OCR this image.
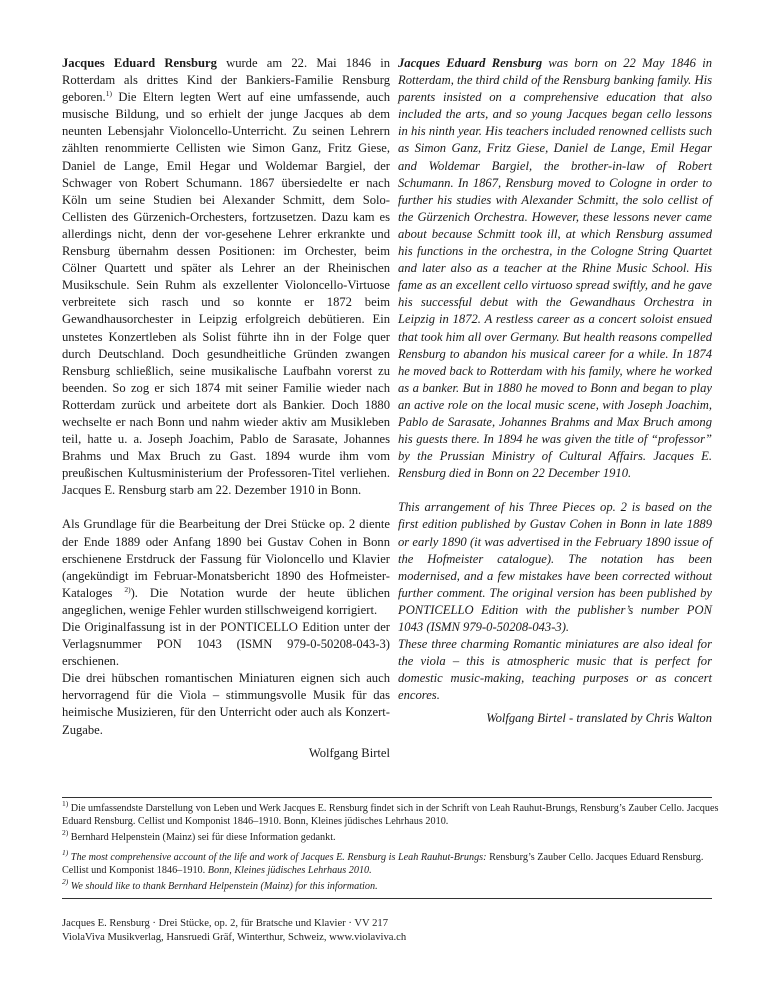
Jacques Eduard Rensburg wurde am 22. Mai 1846 in Rotterdam als drittes Kind der Bankiers-Familie Rensburg geboren.$^{1)}$ Die Eltern legten Wert auf eine umfassende, auch musische Bildung, und so erhielt der junge Jacques ab dem neunten Lebensjahr Violoncello-Unterricht. Zu seinen Lehrern zählten renommierte Cellisten wie Simon Ganz, Fritz Giese, Daniel de Lange, Emil Hegar und Woldemar Bargiel, der Schwager von Robert Schumann. 1867 übersiedelte er nach Köln um seine Studien bei Alexander Schmitt, dem Solo-Cellisten des Gürzenich-Orchesters, fortzusetzen. Dazu kam es allerdings nicht, denn der vor-gesehene Lehrer erkrankte und Rensburg übernahm dessen Positionen: im Orchester, beim Cölner Quartett und später als Lehrer an der Rheinischen Musikschule. Sein Ruhm als exzellenter Violoncello-Virtuose verbreitete sich rasch und so konnte er 1872 beim Gewandhausorchester in Leipzig erfolgreich debütieren. Ein unstetes Konzertleben als Solist führte ihn in der Folge quer durch Deutschland. Doch gesundheitliche Gründen zwangen Rensburg schließlich, seine musikalische Laufbahn vorerst zu beenden. So zog er sich 1874 mit seiner Familie wieder nach Rotterdam zurück und arbeitete dort als Bankier. Doch 1880 wechselte er nach Bonn und nahm wieder aktiv am Musikleben teil, hatte u. a. Joseph Joachim, Pablo de Sarasate, Johannes Brahms und Max Bruch zu Gast. 1894 wurde ihm vom preußischen Kultusministerium der Professoren-Titel verliehen. Jacques E. Rensburg starb am 22. Dezember 1910 in Bonn.

Als Grundlage für die Bearbeitung der Drei Stücke op. 2 diente der Ende 1889 oder Anfang 1890 bei Gustav Cohen in Bonn erschienene Erstdruck der Fassung für Violoncello und Klavier (angekündigt im Februar-Monatsbericht 1890 des Hofmeister-Kataloges $^{2)}$). Die Notation wurde der heute üblichen angeglichen, wenige Fehler wurden stillschweigend korrigiert.

Die Originalfassung ist in der PONTICELLO Edition unter der Verlagsnummer PON 1043 (ISMN 979-0-50208-043-3) erschienen.

Die drei hübschen romantischen Miniaturen eignen sich auch hervorragend für die Viola – stimmungsvolle Musik für das heimische Musizieren, für den Unterricht oder auch als Konzert-Zugabe.

Wolfgang Birtel

Jacques Eduard Rensburg was born on 22 May 1846 in Rotterdam, the third child of the Rensburg banking family. His parents insisted on a comprehensive education that also included the arts, and so young Jacques began cello lessons in his ninth year. His teachers included renowned cellists such as Simon Ganz, Fritz Giese, Daniel de Lange, Emil Hegar and Woldemar Bargiel, the brother-in-law of Robert Schumann. In 1867, Rensburg moved to Cologne in order to further his studies with Alexander Schmitt, the solo cellist of the Gürzenich Orchestra. However, these lessons never came about because Schmitt took ill, at which Rensburg assumed his functions in the orchestra, in the Cologne String Quartet and later also as a teacher at the Rhine Music School. His fame as an excellent cello virtuoso spread swiftly, and he gave his successful debut with the Gewandhaus Orchestra in Leipzig in 1872. A restless career as a concert soloist ensued that took him all over Germany. But health reasons compelled Rensburg to abandon his musical career for a while. In 1874 he moved back to Rotterdam with his family, where he worked as a banker. But in 1880 he moved to Bonn and began to play an active role on the local music scene, with Joseph Joachim, Pablo de Sarasate, Johannes Brahms and Max Bruch among his guests there. In 1894 he was given the title of “professor” by the Prussian Ministry of Cultural Affairs. Jacques E. Rensburg died in Bonn on 22 December 1910.

This arrangement of his Three Pieces op. 2 is based on the first edition published by Gustav Cohen in Bonn in late 1889 or early 1890 (it was advertised in the February 1890 issue of the Hofmeister catalogue). The notation has been modernised, and a few mistakes have been corrected without further comment. The original version has been published by PONTICELLO Edition with the publisher’s number PON 1043 (ISMN 979-0-50208-043-3).

These three charming Romantic miniatures are also ideal for the viola – this is atmospheric music that is perfect for domestic music-making, teaching purposes or as concert encores.

Wolfgang Birtel - translated by Chris Walton

$^{1)}$ Die umfassendste Darstellung von Leben und Werk Jacques E. Rensburg findet sich in der Schrift von Leah Rauhut-Brungs, Rensburg’s Zauber Cello. Jacques Eduard Rensburg. Cellist und Komponist 1846–1910. Bonn, Kleines jüdisches Lehrhaus 2010.

$^{2)}$ Bernhard Helpenstein (Mainz) sei für diese Information gedankt.

$^{1)}$ The most comprehensive account of the life and work of Jacques E. Rensburg is Leah Rauhut-Brungs: Rensburg’s Zauber Cello. Jacques Eduard Rensburg. Cellist und Komponist 1846–1910. Bonn, Kleines jüdisches Lehrhaus 2010.

$^{2)}$ We should like to thank Bernhard Helpenstein (Mainz) for this information.

Jacques E. Rensburg · Drei Stücke, op. 2, für Bratsche und Klavier · VV 217

ViolaViva Musikverlag, Hansruedi Gräf, Winterthur, Schweiz, www.violaviva.ch
